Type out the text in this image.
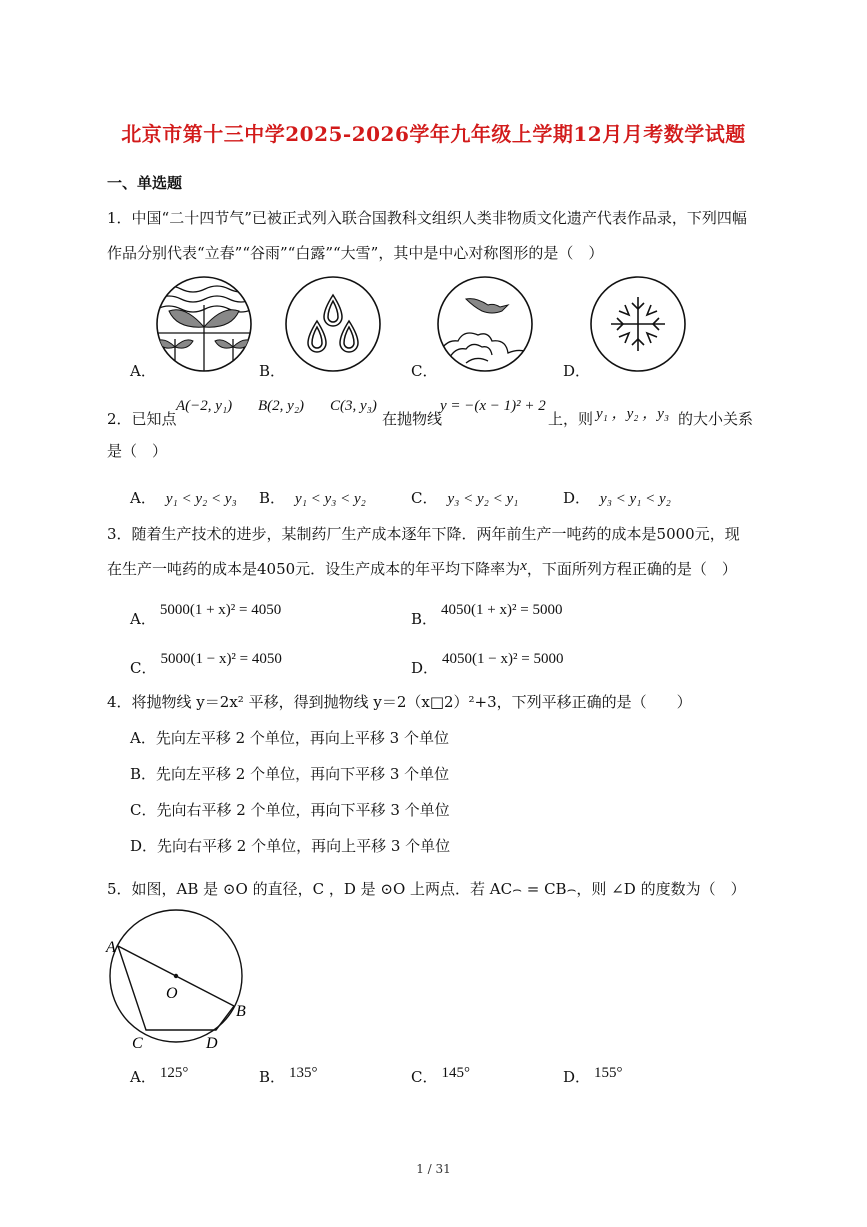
北京市第十三中学2025-2026学年九年级上学期12月月考数学试题
一、单选题
1．中国“二十四节气”已被正式列入联合国教科文组织人类非物质文化遗产代表作品录，下列四幅
作品分别代表“立春”“谷雨”“白露”“大雪”，其中是中心对称图形的是（　）
A．	B．	C．	D．
2．已知点
A(−2, y₁) B(2, y₂) C(3, y₃)
在抛物线
y = −(x − 1)² + 2
上，则 y₁ ，y₂ ，y₃ 的大小关系
是（　）
A． y₁ < y₂ < y₃ B． y₁ < y₃ < y₂	C． y₃ < y₂ < y₁	D． y₃ < y₁ < y₂
3．随着生产技术的进步，某制药厂生产成本逐年下降．两年前生产一吨药的成本是5000元，现
在生产一吨药的成本是4050元．设生产成本的年平均下降率为x，下面所列方程正确的是（　）
A． 5000(1 + x)² = 4050	B． 4050(1 + x)² = 5000
C． 5000(1 − x)² = 4050	D． 4050(1 − x)² = 5000
4．将抛物线 y＝2x² 平移，得到抛物线 y＝2（x□2）²+3，下列平移正确的是（　　）
A．先向左平移 2 个单位，再向上平移 3 个单位
B．先向左平移 2 个单位，再向下平移 3 个单位
C．先向右平移 2 个单位，再向下平移 3 个单位
D．先向右平移 2 个单位，再向上平移 3 个单位
5．如图，AB 是 ⊙O 的直径，C ，D 是 ⊙O 上两点．若 AC⌢ = CB⌢，则 ∠D 的度数为（　）
A
O
B
C	D
A． 125°	B． 135°	C． 145°	D． 155°
1 / 31
